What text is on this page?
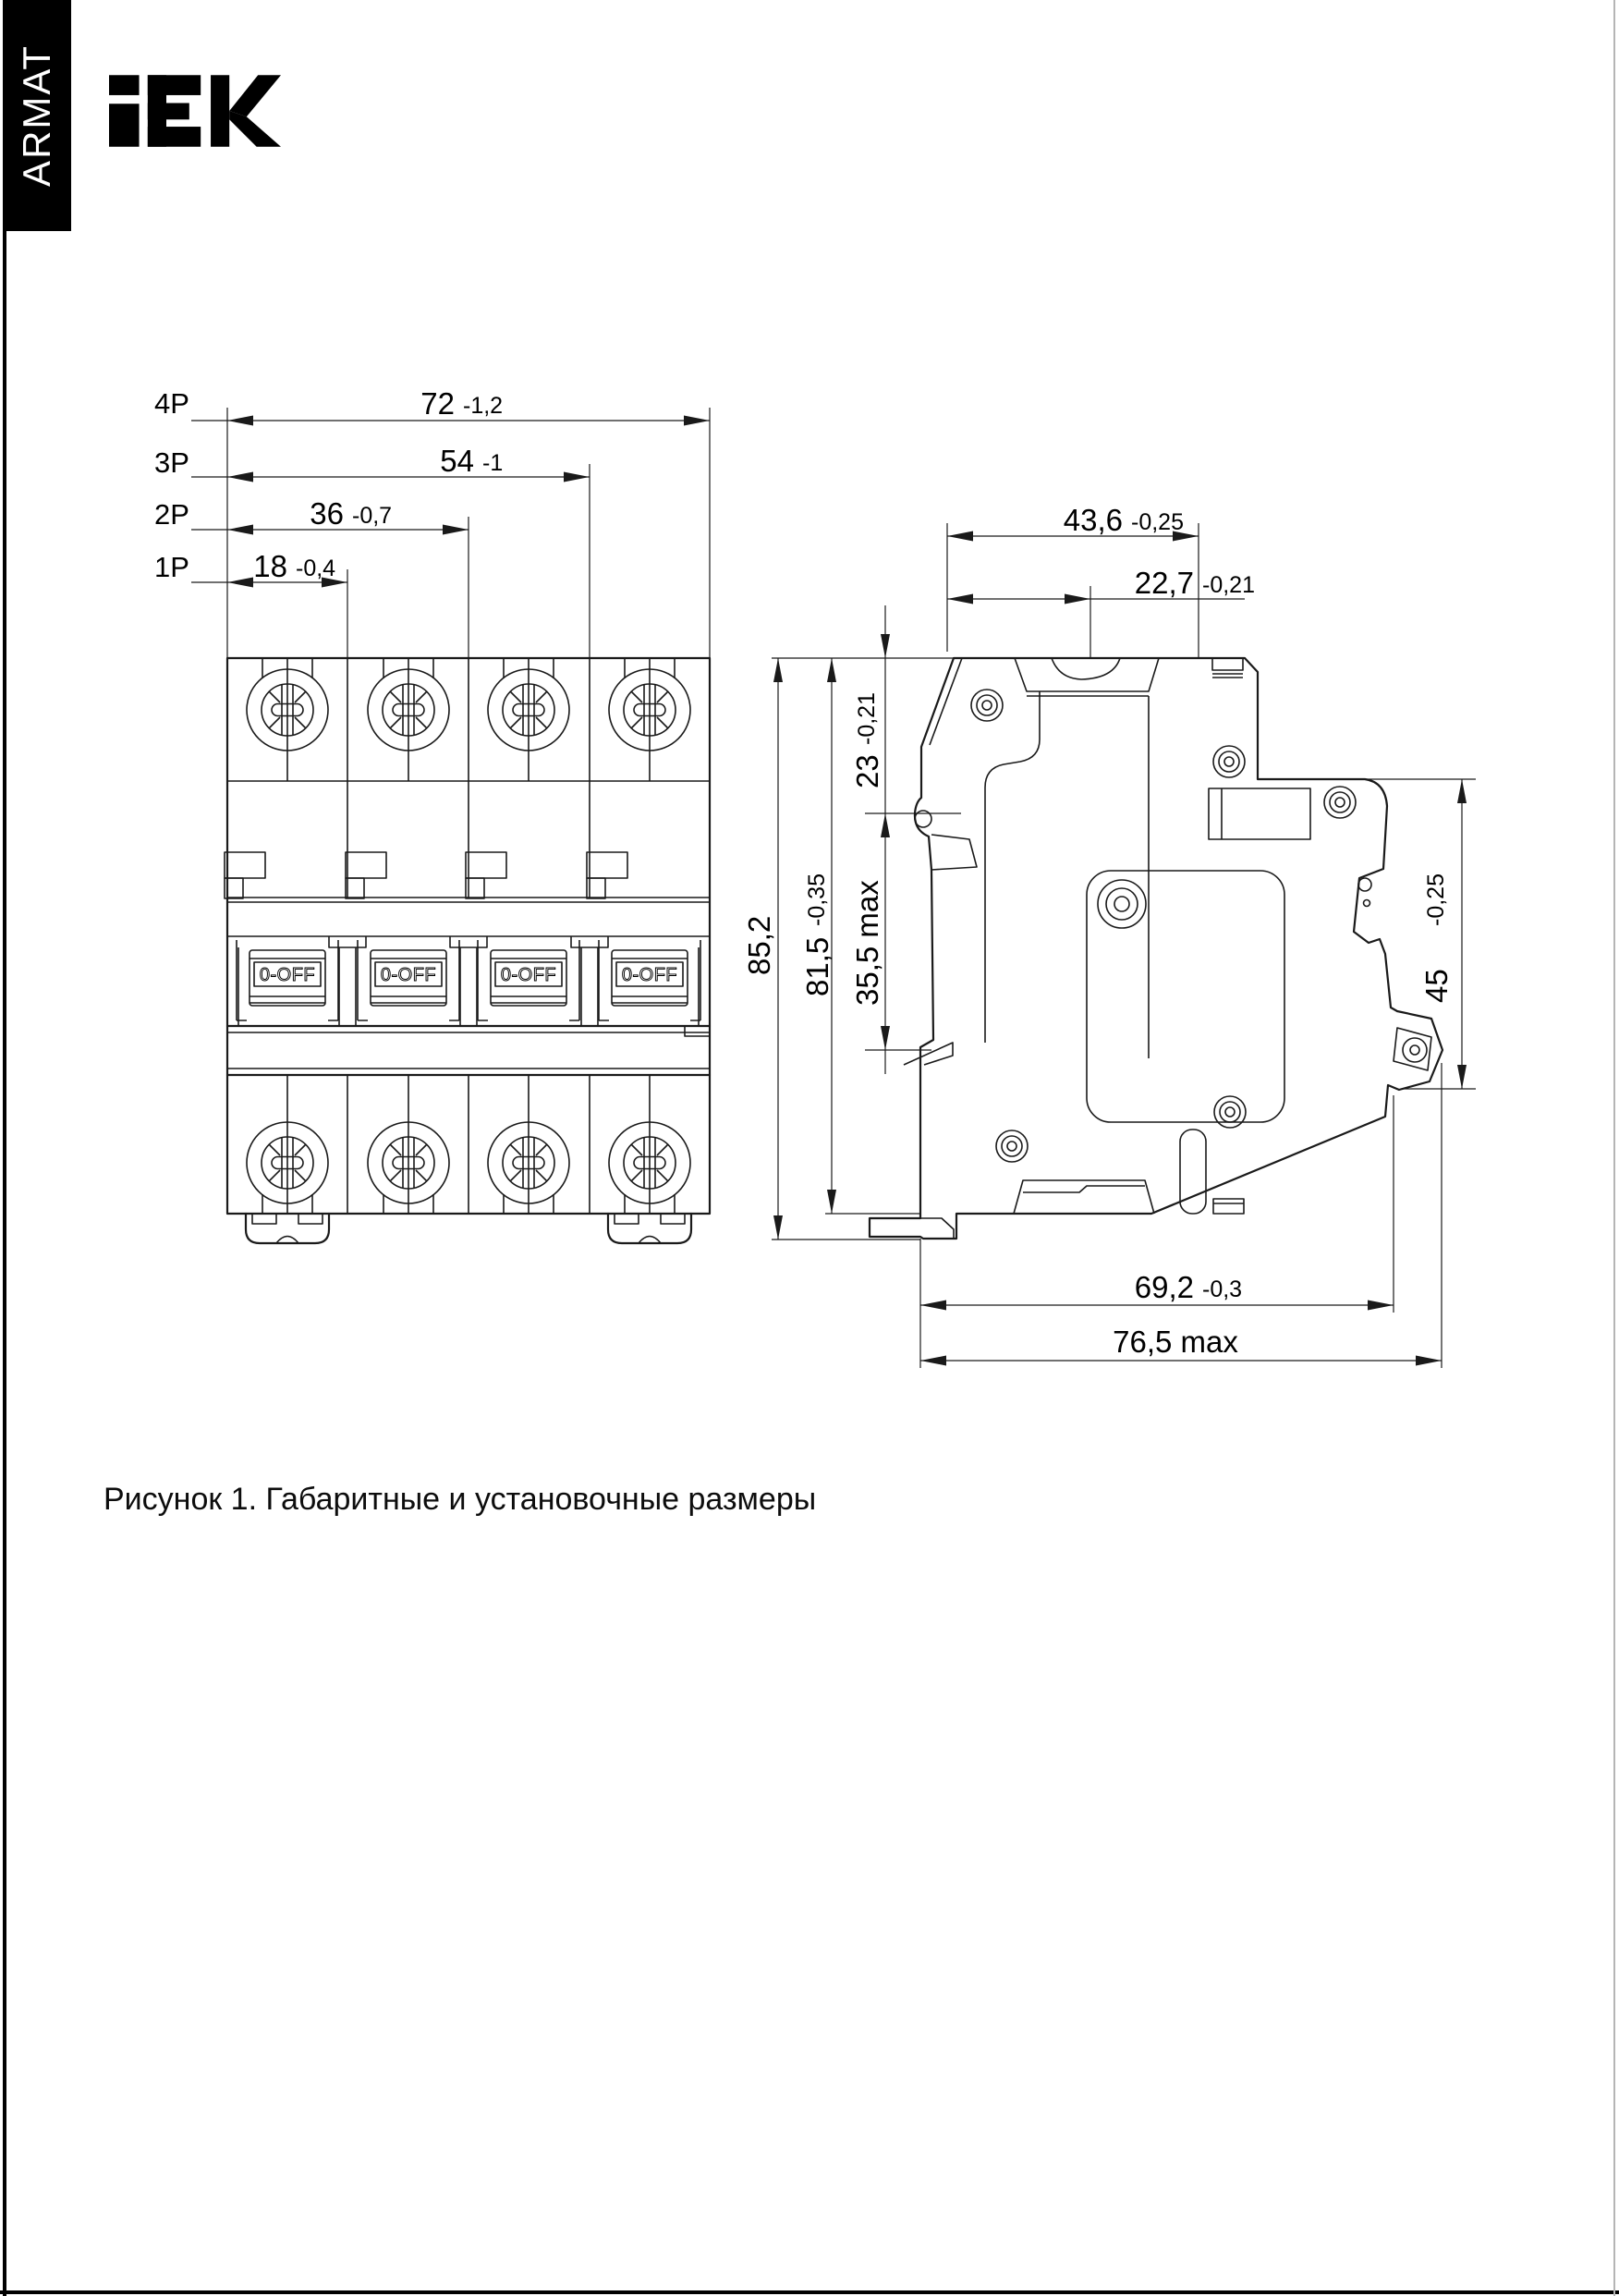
ARMAT
4P	72 -1,2
3P	54 -1
2P	36 -0,7
1P 18 -0,4
0-OFF	0-OFF	0-OFF	0-OFF
43,6 -0,25
22,7 -0,21
23
-0,21
35,5 max
81,5
-0,35
85,2
45
-0,25
69,2 -0,3
76,5 max
Рисунок 1. Габаритные и установочные размеры
